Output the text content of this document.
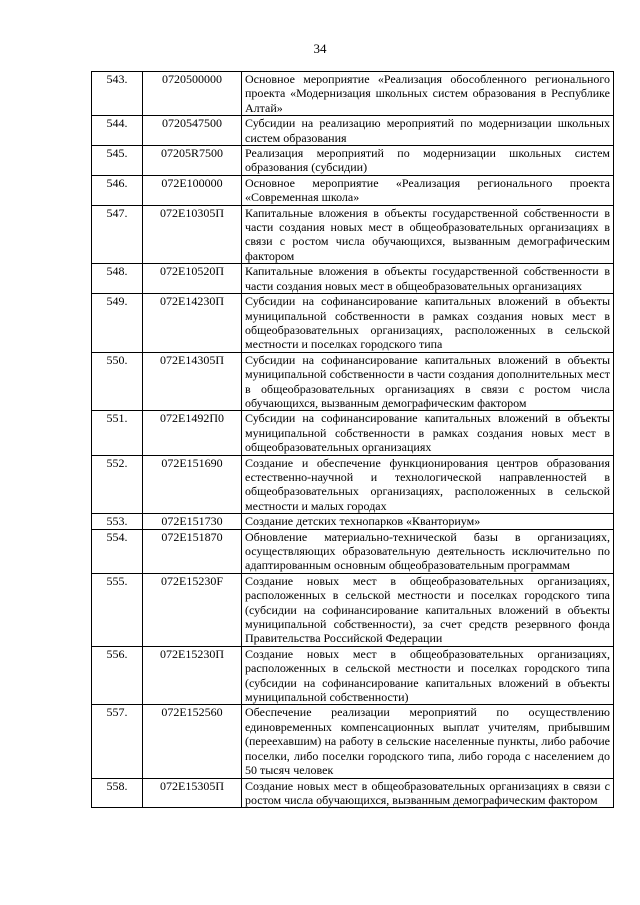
34
543.	0720500000	Основное мероприятие «Реализация обособленного регионального проекта «Модернизация школьных систем образования в Республике Алтай»
544.	0720547500	Субсидии на реализацию мероприятий по модернизации школьных систем образования
545.	07205R7500	Реализация мероприятий по модернизации школьных систем образования (субсидии)
546.	072E100000	Основное мероприятие «Реализация регионального проекта «Современная школа»
547.	072E10305П	Капитальные вложения в объекты государственной собственности в части создания новых мест в общеобразовательных организациях в связи с ростом числа обучающихся, вызванным демографическим фактором
548.	072E10520П	Капитальные вложения в объекты государственной собственности в части создания новых мест в общеобразовательных организациях
549.	072E14230П	Субсидии на софинансирование капитальных вложений в объекты муниципальной собственности в рамках создания новых мест в общеобразовательных организациях, расположенных в сельской местности и поселках городского типа
550.	072E14305П	Субсидии на софинансирование капитальных вложений в объекты муниципальной собственности в части создания дополнительных мест в общеобразовательных организациях в связи с ростом числа обучающихся, вызванным демографическим фактором
551.	072E1492П0	Субсидии на софинансирование капитальных вложений в объекты муниципальной собственности в рамках создания новых мест в общеобразовательных организациях
552.	072E151690	Создание и обеспечение функционирования центров образования естественно-научной и технологической направленностей в общеобразовательных организациях, расположенных в сельской местности и малых городах
553.	072E151730	Создание детских технопарков «Кванториум»
554.	072E151870	Обновление материально-технической базы в организациях, осуществляющих образовательную деятельность исключительно по адаптированным основным общеобразовательным программам
555.	072E15230F	Создание новых мест в общеобразовательных организациях, расположенных в сельской местности и поселках городского типа (субсидии на софинансирование капитальных вложений в объекты муниципальной собственности), за счет средств резервного фонда Правительства Российской Федерации
556.	072E15230П	Создание новых мест в общеобразовательных организациях, расположенных в сельской местности и поселках городского типа (субсидии на софинансирование капитальных вложений в объекты муниципальной собственности)
557.	072E152560	Обеспечение реализации мероприятий по осуществлению единовременных компенсационных выплат учителям, прибывшим (переехавшим) на работу в сельские населенные пункты, либо рабочие поселки, либо поселки городского типа, либо города с населением до 50 тысяч человек
558.	072E15305П	Создание новых мест в общеобразовательных организациях в связи с ростом числа обучающихся, вызванным демографическим фактором
